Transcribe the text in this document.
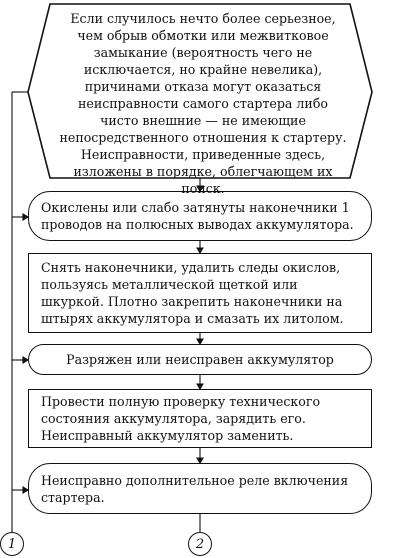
Если случилось нечто более серьезное, чем обрыв обмотки или межвитковое замыкание (вероятность чего не исключается, но крайне невелика), причинами отказа могут оказаться неисправности самого стартера либо чисто внешние — не имеющие непосредственного отношения к стартеру. Неисправности, приведенные здесь, изложены в порядке, облегчающем их поиск.
Окислены или слабо затянуты наконечники 1 проводов на полюсных выводах аккумулятора.
Снять наконечники, удалить следы окислов, пользуясь металлической щеткой или шкуркой. Плотно закрепить наконечники на штырях аккумулятора и смазать их литолом.
Разряжен или неисправен аккумулятор
Провести полную проверку технического состояния аккумулятора, зарядить его. Неисправный аккумулятор заменить.
Неисправно дополнительное реле включения стартера.
1	2
